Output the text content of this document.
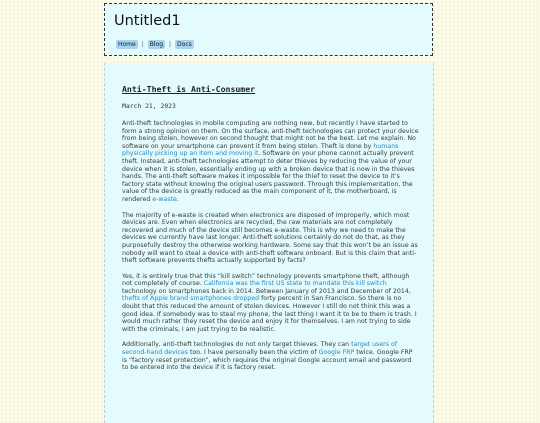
Untitled1
Home	|	Blog	|	Docs
Anti-Theft is Anti-Consumer

March 21, 2023

Anti-theft technologies in mobile computing are nothing new, but recently I have started to form a strong opinion on them. On the surface, anti-theft technologies can protect your device from being stolen, however on second thought that might not be the best. Let me explain. No software on your smartphone can prevent it from being stolen. Theft is done by humans physically picking up an item and moving it. Software on your phone cannot actually prevent theft. Instead, anti-theft technologies attempt to deter thieves by reducing the value of your device when it is stolen, essentially ending up with a broken device that is now in the thieves hands. The anti-theft software makes it impossible for the thief to reset the device to it’s factory state without knowing the original users password. Through this implementation, the value of the device is greatly reduced as the main component of it, the motherboard, is rendered e-waste.

The majority of e-waste is created when electronics are disposed of improperly, which most devices are. Even when electronics are recycled, the raw materials are not completely recovered and much of the device still becomes e-waste. This is why we need to make the devices we currently have last longer. Anti-theft solutions certainly do not do that, as they purposefully destroy the otherwise working hardware. Some say that this won’t be an issue as nobody will want to steal a device with anti-theft software onboard. But is this claim that anti-theft software prevents thefts actually supported by facts?

Yes, it is entirely true that this “kill switch” technology prevents smartphone theft, although not completely of course. California was the first US state to mandate this kill switch technology on smartphones back in 2014. Between January of 2013 and December of 2014, thefts of Apple brand smartphones dropped forty percent in San Francisco. So there is no doubt that this reduced the amount of stolen devices. However I still do not think this was a good idea. If somebody was to steal my phone, the last thing I want it to be to them is trash. I would much rather they reset the device and enjoy it for themselves. I am not trying to side with the criminals, I am just trying to be realistic.

Additionally, anti-theft technologies do not only target thieves. They can target users of second-hand devices too. I have personally been the victim of Google FRP twice. Google FRP is “factory reset protection”, which requires the original Google account email and password to be entered into the device if it is factory reset.
